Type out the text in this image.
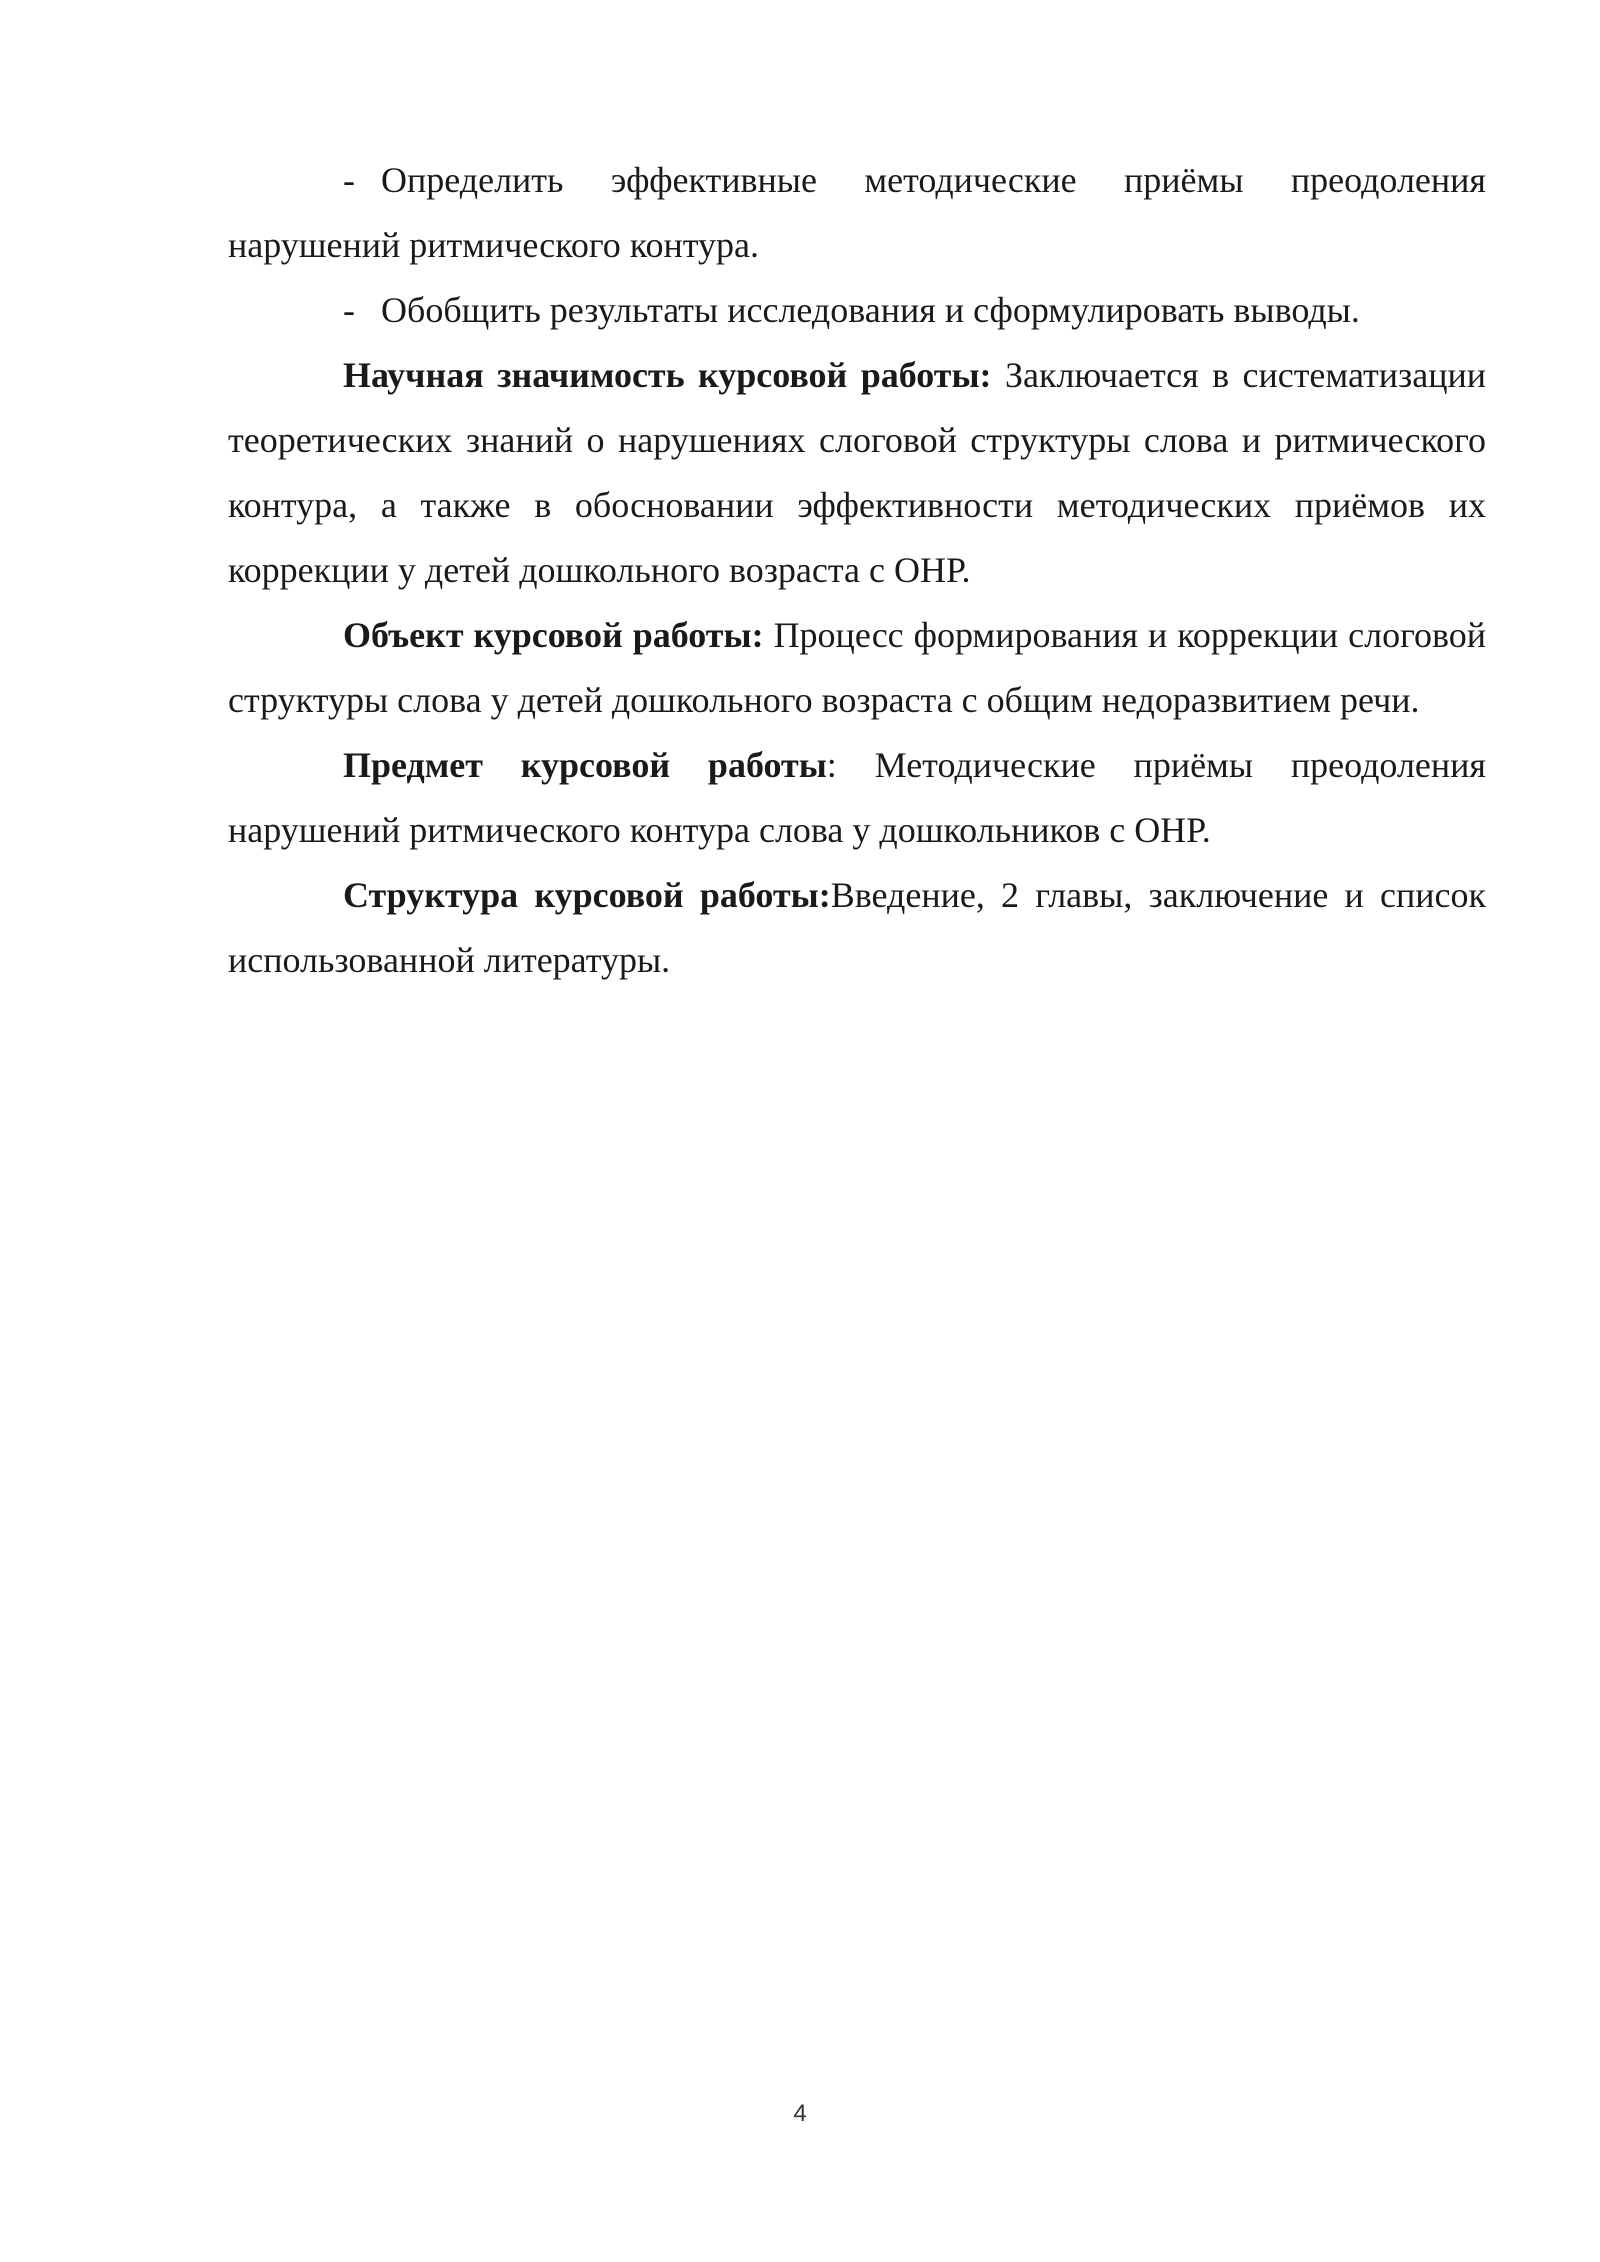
- Определить эффективные методические приёмы преодоления нарушений ритмического контура.

- Обобщить результаты исследования и сформулировать выводы.

Научная значимость курсовой работы: Заключается в систематизации теоретических знаний о нарушениях слоговой структуры слова и ритмического контура, а также в обосновании эффективности методических приёмов их коррекции у детей дошкольного возраста с ОНР.

Объект курсовой работы: Процесс формирования и коррекции слоговой структуры слова у детей дошкольного возраста с общим недоразвитием речи.

Предмет курсовой работы: Методические приёмы преодоления нарушений ритмического контура слова у дошкольников с ОНР.

Структура курсовой работы:Введение, 2 главы, заключение и список использованной литературы.

4
